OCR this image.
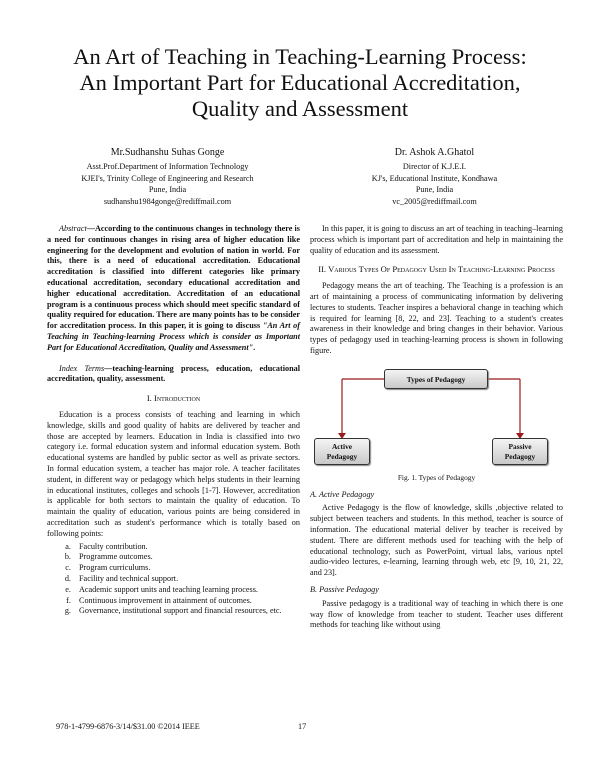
An Art of Teaching in Teaching-Learning Process:
An Important Part for Educational Accreditation,
Quality and Assessment
Mr.Sudhanshu Suhas Gonge
Asst.Prof.Department of Information Technology
KJEI's, Trinity College of Engineering and Research
Pune, India
sudhanshu1984gonge@rediffmail.com
Dr. Ashok A.Ghatol
Director of K.J.E.I.
KJ's, Educational Institute, Kondhawa
Pune, India
vc_2005@rediffmail.com

Abstract—According to the continuous changes in technology there is a need for continuous changes in rising area of higher education like engineering for the development and evolution of nation in world. For this, there is a need of educational accreditation. Educational accreditation is classified into different categories like primary educational accreditation, secondary educational accreditation and higher educational accreditation. Accreditation of an educational program is a continuous process which should meet specific standard of quality required for education. There are many points has to be consider for accreditation process. In this paper, it is going to discuss "An Art of Teaching in Teaching-learning Process which is consider as Important Part for Educational Accreditation, Quality and Assessment".

Index Terms—teaching-learning process, education, educational accreditation, quality, assessment.

I. Introduction

Education is a process consists of teaching and learning in which knowledge, skills and good quality of habits are delivered by teacher and those are accepted by learners. Education in India is classified into two category i.e. formal education system and informal education system. Both educational systems are handled by public sector as well as private sectors. In formal education system, a teacher has major role. A teacher facilitates student, in different way or pedagogy which helps students in their learning in educational institutes, colleges and schools [1-7]. However, accreditation is applicable for both sectors to maintain the quality of education. To maintain the quality of education, various points are being considered in accreditation such as student's performance which is totally based on following points:

a. Faculty contribution.
b. Programme outcomes.
c. Program curriculums.
d. Facility and technical support.
e. Academic support units and teaching learning process.
f. Continuous improvement in attainment of outcomes.
g. Governance, institutional support and financial resources, etc.

In this paper, it is going to discuss an art of teaching in teaching–learning process which is important part of accreditation and help in maintaining the quality of education and its assessment.

II. Various Types Of Pedagogy Used In Teaching-Learning Process

Pedagogy means the art of teaching. The Teaching is a profession is an art of maintaining a process of communicating information by delivering lectures to students. Teacher inspires a behavioral change in teaching which is required for learning [8, 22, and 23]. Teaching to a student's creates awareness in their knowledge and bring changes in their behavior. Various types of pedagogy used in teaching-learning process is shown in following figure.

Types of Pedagogy
Active
Pedagogy
Passive
Pedagogy
Fig. 1. Types of Pedagogy
A. Active Pedagogy

Active Pedagogy is the flow of knowledge, skills ,objective related to subject between teachers and students. In this method, teacher is source of information. The educational material deliver by teacher is received by student. There are different methods used for teaching with the help of educational technology, such as PowerPoint, virtual labs, various nptel audio-video lectures, e-learning, learning through web, etc [9, 10, 21, 22, and 23].

B. Passive Pedagogy

Passive pedagogy is a traditional way of teaching in which there is one way flow of knowledge from teacher to student. Teacher uses different methods for teaching like without using

978-1-4799-6876-3/14/$31.00 ©2014 IEEE	17
